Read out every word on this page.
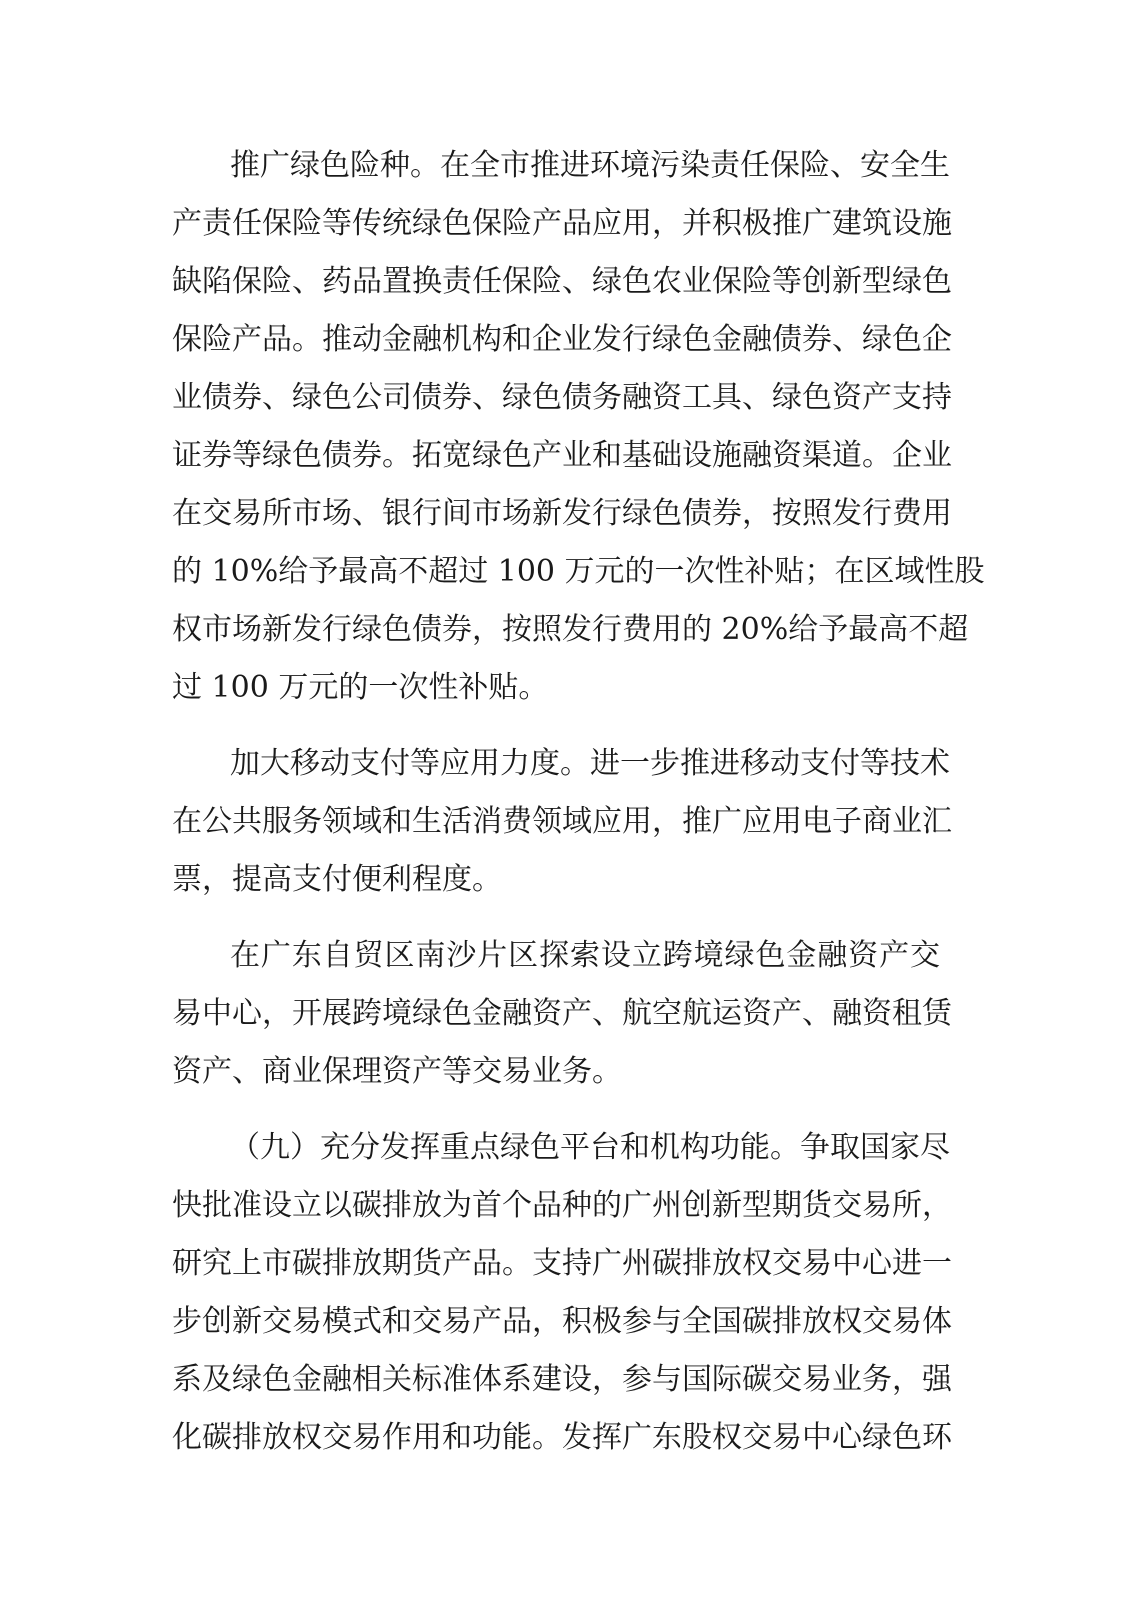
推广绿色险种。在全市推进环境污染责任保险、安全生
产责任保险等传统绿色保险产品应用，并积极推广建筑设施
缺陷保险、药品置换责任保险、绿色农业保险等创新型绿色
保险产品。推动金融机构和企业发行绿色金融债券、绿色企
业债券、绿色公司债券、绿色债务融资工具、绿色资产支持
证券等绿色债券。拓宽绿色产业和基础设施融资渠道。企业
在交易所市场、银行间市场新发行绿色债券，按照发行费用
的 10%给予最高不超过 100 万元的一次性补贴；在区域性股
权市场新发行绿色债券，按照发行费用的 20%给予最高不超
过 100 万元的一次性补贴。
加大移动支付等应用力度。进一步推进移动支付等技术
在公共服务领域和生活消费领域应用，推广应用电子商业汇
票，提高支付便利程度。
在广东自贸区南沙片区探索设立跨境绿色金融资产交
易中心，开展跨境绿色金融资产、航空航运资产、融资租赁
资产、商业保理资产等交易业务。
（九）充分发挥重点绿色平台和机构功能。争取国家尽
快批准设立以碳排放为首个品种的广州创新型期货交易所，
研究上市碳排放期货产品。支持广州碳排放权交易中心进一
步创新交易模式和交易产品，积极参与全国碳排放权交易体
系及绿色金融相关标准体系建设，参与国际碳交易业务，强
化碳排放权交易作用和功能。发挥广东股权交易中心绿色环
